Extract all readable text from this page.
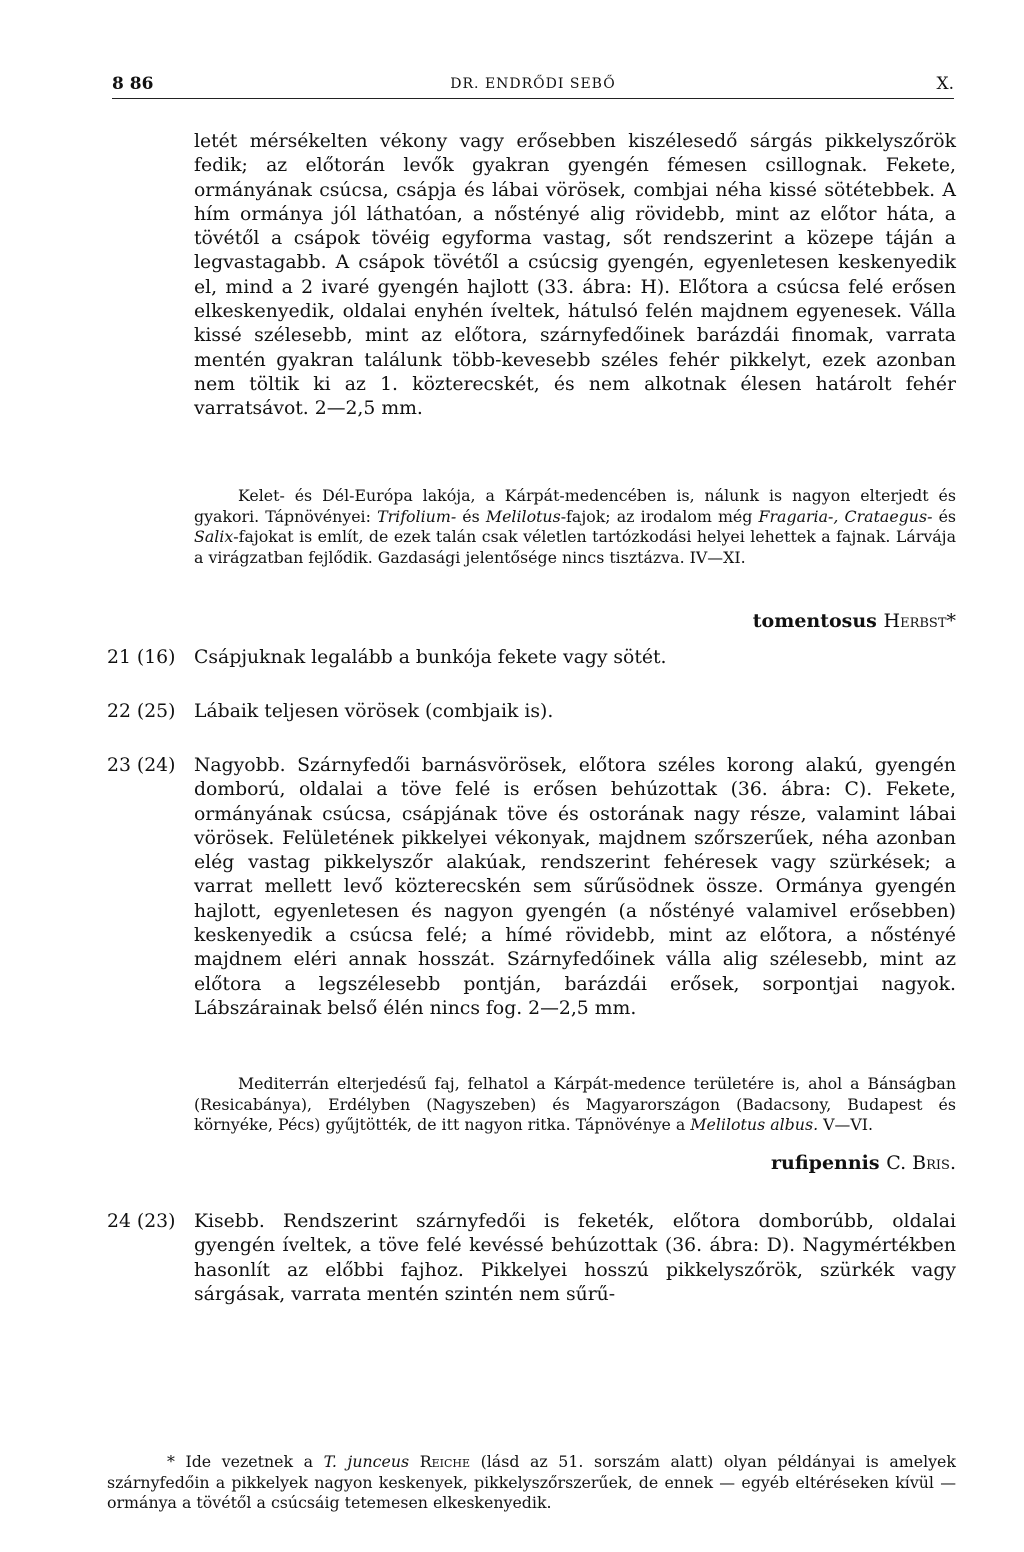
8 86	DR. ENDRŐDI SEBŐ	X.
letét mérsékelten vékony vagy erősebben kiszélesedő sárgás pikkelyszőrök fedik; az előtorán levők gyakran gyengén fémesen csillognak. Fekete, ormányának csúcsa, csápja és lábai vörösek, combjai néha kissé sötétebbek. A hím ormánya jól láthatóan, a nőstényé alig rövidebb, mint az előtor háta, a tövétől a csápok tövéig egyforma vastag, sőt rendszerint a közepe táján a legvastagabb. A csápok tövétől a csúcsig gyengén, egyenletesen keskenyedik el, mind a 2 ivaré gyengén hajlott (33. ábra: H). Előtora a csúcsa felé erősen elkeskenyedik, oldalai enyhén íveltek, hátulsó felén majdnem egyenesek. Válla kissé szélesebb, mint az előtora, szárnyfedőinek barázdái finomak, varrata mentén gyakran találunk több-kevesebb széles fehér pikkelyt, ezek azonban nem töltik ki az 1. közterecskét, és nem alkotnak élesen határolt fehér varratsávot. 2—2,5 mm.
Kelet- és Dél-Európa lakója, a Kárpát-medencében is, nálunk is nagyon elterjedt és gyakori. Tápnövényei: Trifolium- és Melilotus-fajok; az irodalom még Fragaria-, Crataegus- és Salix-fajokat is említ, de ezek talán csak véletlen tartózkodási helyei lehettek a fajnak. Lárvája a virágzatban fejlődik. Gazdasági jelentősége nincs tisztázva. IV—XI.
tomentosus Herbst*
21 (16) Csápjuknak legalább a bunkója fekete vagy sötét.
22 (25) Lábaik teljesen vörösek (combjaik is).
23 (24) Nagyobb. Szárnyfedői barnásvörösek, előtora széles korong alakú, gyengén domború, oldalai a töve felé is erősen behúzottak (36. ábra: C). Fekete, ormányának csúcsa, csápjának töve és ostorának nagy része, valamint lábai vörösek. Felületének pikkelyei vékonyak, majdnem szőrszerűek, néha azonban elég vastag pikkelyszőr alakúak, rendszerint fehéresek vagy szürkések; a varrat mellett levő közterecskén sem sűrűsödnek össze. Ormánya gyengén hajlott, egyenletesen és nagyon gyengén (a nőstényé valamivel erősebben) keskenyedik a csúcsa felé; a hímé rövidebb, mint az előtora, a nőstényé majdnem eléri annak hosszát. Szárnyfedőinek válla alig szélesebb, mint az előtora a legszélesebb pontján, barázdái erősek, sorpontjai nagyok. Lábszárainak belső élén nincs fog. 2—2,5 mm.
Mediterrán elterjedésű faj, felhatol a Kárpát-medence területére is, ahol a Bánságban (Resicabánya), Erdélyben (Nagyszeben) és Magyarországon (Badacsony, Budapest és környéke, Pécs) gyűjtötték, de itt nagyon ritka. Tápnövénye a Melilotus albus. V—VI.
rufipennis C. Bris.
24 (23) Kisebb. Rendszerint szárnyfedői is feketék, előtora domborúbb, oldalai gyengén íveltek, a töve felé kevéssé behúzottak (36. ábra: D). Nagymértékben hasonlít az előbbi fajhoz. Pikkelyei hosszú pikkelyszőrök, szürkék vagy sárgásak, varrata mentén szintén nem sűrű-
* Ide vezetnek a T. junceus Reiche (lásd az 51. sorszám alatt) olyan példányai is amelyek szárnyfedőin a pikkelyek nagyon keskenyek, pikkelyszőrszerűek, de ennek — egyéb eltéréseken kívül — ormánya a tövétől a csúcsáig tetemesen elkeskenyedik.
